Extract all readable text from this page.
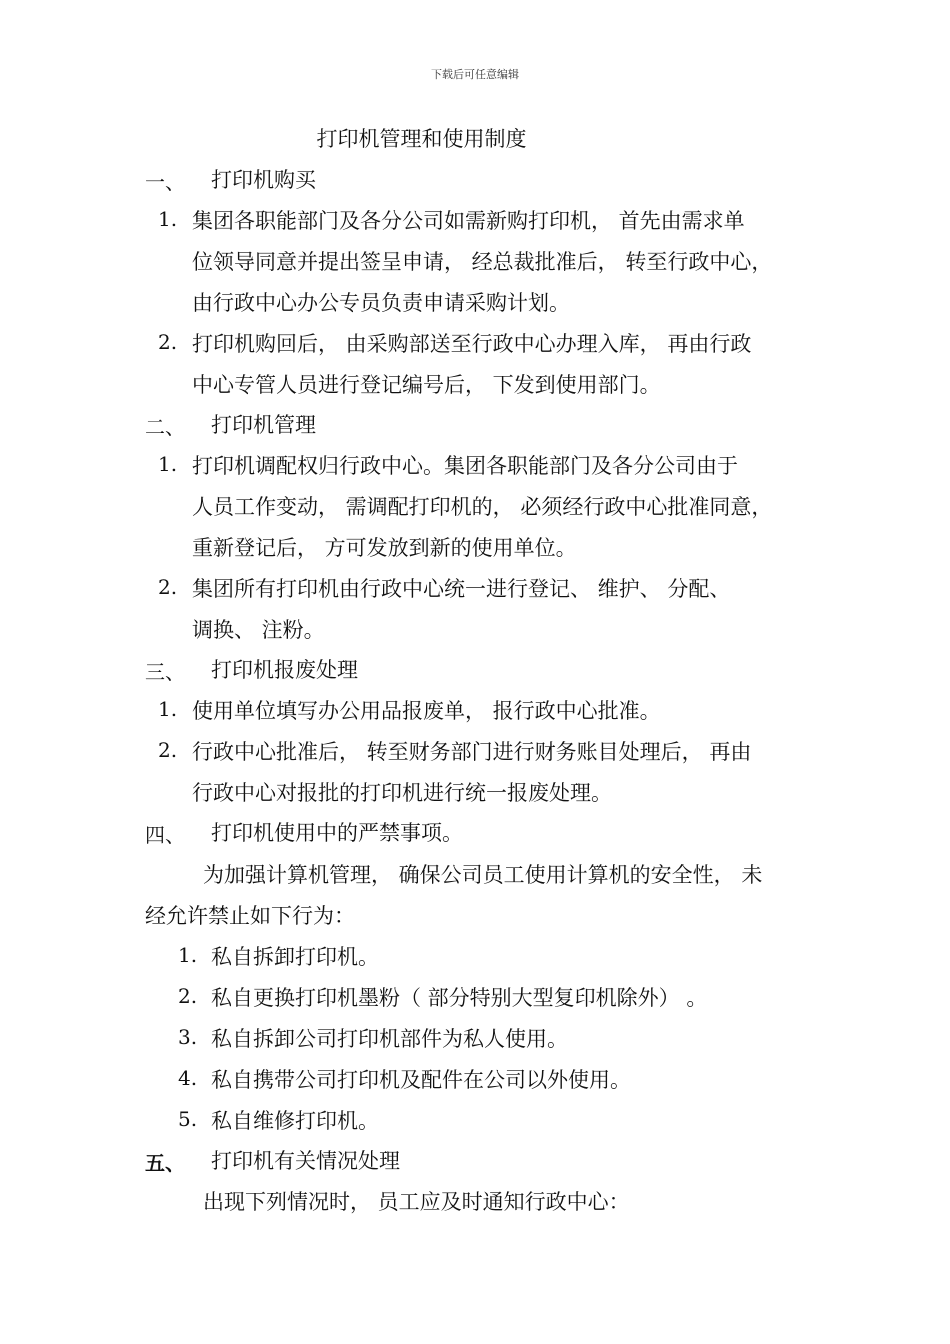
下载后可任意编辑
打印机管理和使用制度
一、 打印机购买
1. 集团各职能部门及各分公司如需新购打印机， 首先由需求单
位领导同意并提出签呈申请， 经总裁批准后， 转至行政中心，
由行政中心办公专员负责申请采购计划。
2. 打印机购回后， 由采购部送至行政中心办理入库， 再由行政
中心专管人员进行登记编号后， 下发到使用部门。
二、 打印机管理
1. 打印机调配权归行政中心。集团各职能部门及各分公司由于
人员工作变动， 需调配打印机的， 必须经行政中心批准同意，
重新登记后， 方可发放到新的使用单位。
2. 集团所有打印机由行政中心统一进行登记、 维护、 分配、
调换、 注粉。
三、 打印机报废处理
1. 使用单位填写办公用品报废单， 报行政中心批准。
2. 行政中心批准后， 转至财务部门进行财务账目处理后， 再由
行政中心对报批的打印机进行统一报废处理。
四、 打印机使用中的严禁事项。
为加强计算机管理， 确保公司员工使用计算机的安全性， 未
经允许禁止如下行为：
1. 私自拆卸打印机。
2. 私自更换打印机墨粉（ 部分特别大型复印机除外） 。
3. 私自拆卸公司打印机部件为私人使用。
4. 私自携带公司打印机及配件在公司以外使用。
5. 私自维修打印机。
五、 打印机有关情况处理
出现下列情况时， 员工应及时通知行政中心：
